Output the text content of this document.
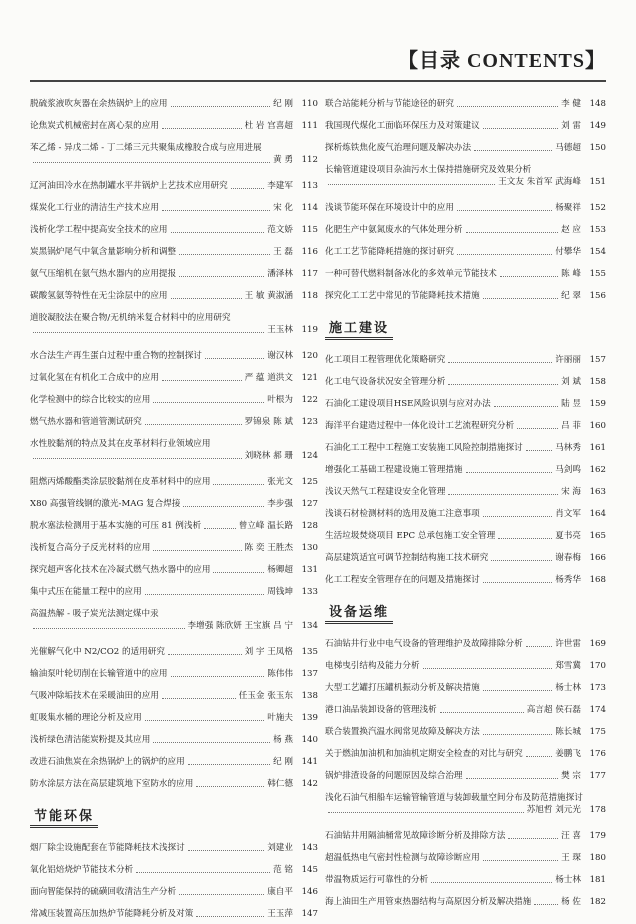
【目录 CONTENTS】
脱硫浆液吹灰器在余热锅炉上的应用	纪 刚 110
论焦炭式机械密封在离心泵的应用	杜 岩 宫喜超 111
苯乙烯 - 异戊二烯 - 丁二烯三元共聚集成橡胶合成与应用进展
黄 勇 112
辽河油田冷水在热制罐水平井锅炉上艺技术应用研究	李建军 113
煤炭化工行业的清洁生产技术应用	宋 化 114
浅析化学工程中提高安全技术的应用	范文娇 115
炭黑锅炉尾气中氧含量影响分析和调整	王 磊 116
氨气压缩机在氨气热水器内的应用提报	潘泽林 117
碳酸氢氨等特性在无尘涂层中的应用	王 敏 黄淑涵 118
道胶凝胶法在聚合物/无机纳米复合材料中的应用研究
王玉林 119
水合法生产再生蛋白过程中重合物的控制探讨	谢汉林 120
过氧化氢在有机化工合成中的应用	严 蕴 道洪文 121
化学检测中的综合比较实的应用	叶根为 122
燃气热水器和管道管测试研究	罗锦泉 陈 斌 123
水性胶黏剂的特点及其在皮革材料行业领域应用
刘晓林 郝 珊 124
阻燃丙烯酸酯类涂层胶黏剂在皮革材料中的应用	张光文 125
X80 高强管线钢的激光-MAG 复合焊接	李步强 127
脱水塞法检测用于基本实施的可压 81 例浅析	曾立峰 温长路 128
浅析复合高分子反光材料的应用	陈 奕 王胜杰 130
探究超声客化技术在冷凝式燃气热水器中的应用	杨卿超 131
集中式压在能量工程中的应用	周钱坤 133
高温热解 - 吸子炭光法测定煤中汞
李增强 陈欣妍 王宝旗 吕 宁 134
光催解气化中 N2/CO2 的适用研究	刘 宇 王凤格 135
输油泵叶轮切削在长输管道中的应用	陈伟伟 137
气吸冲除垢技术在采暖油田的应用	任玉金 张玉东 138
虹吸集水桶的理论分析及应用	叶施夫 139
浅析绿色清洁能炭粉提及其应用	杨 燕 140
改进石油焦炭在余热锅炉上的锅炉的应用	纪 刚 141
防水涂层方法在高层建筑地下室防水的应用	韩仁德 142
节能环保
烟厂除尘设施配套在节能降耗技术浅探讨	刘建业 143
氧化铝焙烧炉节能技术分析	范 铭 145
面向智能保持的硫磺回收清洁生产分析	康自平 146
常减压装置高压加热炉节能降耗分析及对策	王玉萍 147
联合站能耗分析与节能途径的研究	李 健 148
我国现代煤化工面临环保压力及对策建议	刘 雷 149
探析炼铁焦化废气治理问题及解决办法	马德超 150
长输管道建设项目杂油污水土保持措施研究及效果分析
王文友 朱首军 武海峰 151
浅谈节能环保在环境设计中的应用	杨聚祥 152
化肥生产中氨氮废水的气体处理分析	赵 应 153
化工工艺节能降耗措施的探讨研究	付攀华 154
一种可替代燃料制备冰化的多效单元节能技术	陈 峰 155
探究化工工艺中常见的节能降耗技术措施	纪 翠 156
施工建设
化工项目工程管理优化策略研究	许丽丽 157
化工电气设备状况安全管理分析	刘 斌 158
石油化工建设项目HSE风险识别与应对办法	陆 昱 159
海洋平台建造过程中一体化设计工艺流程研究分析	吕 菲 160
石油化工工程中工程施工安装施工风险控制措施探讨	马林秀 161
增强化工基础工程建设施工管理措施	马剑鸣 162
浅议天然气工程建设安全化管理	宋 海 163
浅谈石材检测材料的选用及施工注意事项	肖文军 164
生活垃圾焚烧项目 EPC 总承包施工安全管理	夏书亮 165
高层建筑适宜可调节控制结构施工技术研究	谢春梅 166
化工工程安全管理存在的问题及措施探讨	杨秀华 168
设备运维
石油钻井行业中电气设备的管理维护及故障排除分析	许世雷 169
电梯曳引结构及能力分析	郑雪冀 170
大型工艺罐打压罐机振动分析及解决措施	杨士林 173
港口油品装卸设备的管理浅析	高言超 侯石磊 174
联合装置换汽温水阀常见故障及解决方法	陈长城 175
关于燃油加油机和加油机定期安全检查的对比与研究	姜鹏飞 176
锅炉排渣设备的问题原因及综合治理	樊 宗 177
浅化石油气相船车运输管输管道与装卸载量空间分布及防范措施探讨
苏旭哲 刘元光 178
石油钻井用隔油桶常见故障诊断分析及排除方法	汪 喜 179
超温低热电气密封性检测与故障诊断应用	王 琛 180
带温物质运行可靠性的分析	杨士林 181
海上油田生产用管束热器结构与高原因分析及解决措施	杨 佐 182
